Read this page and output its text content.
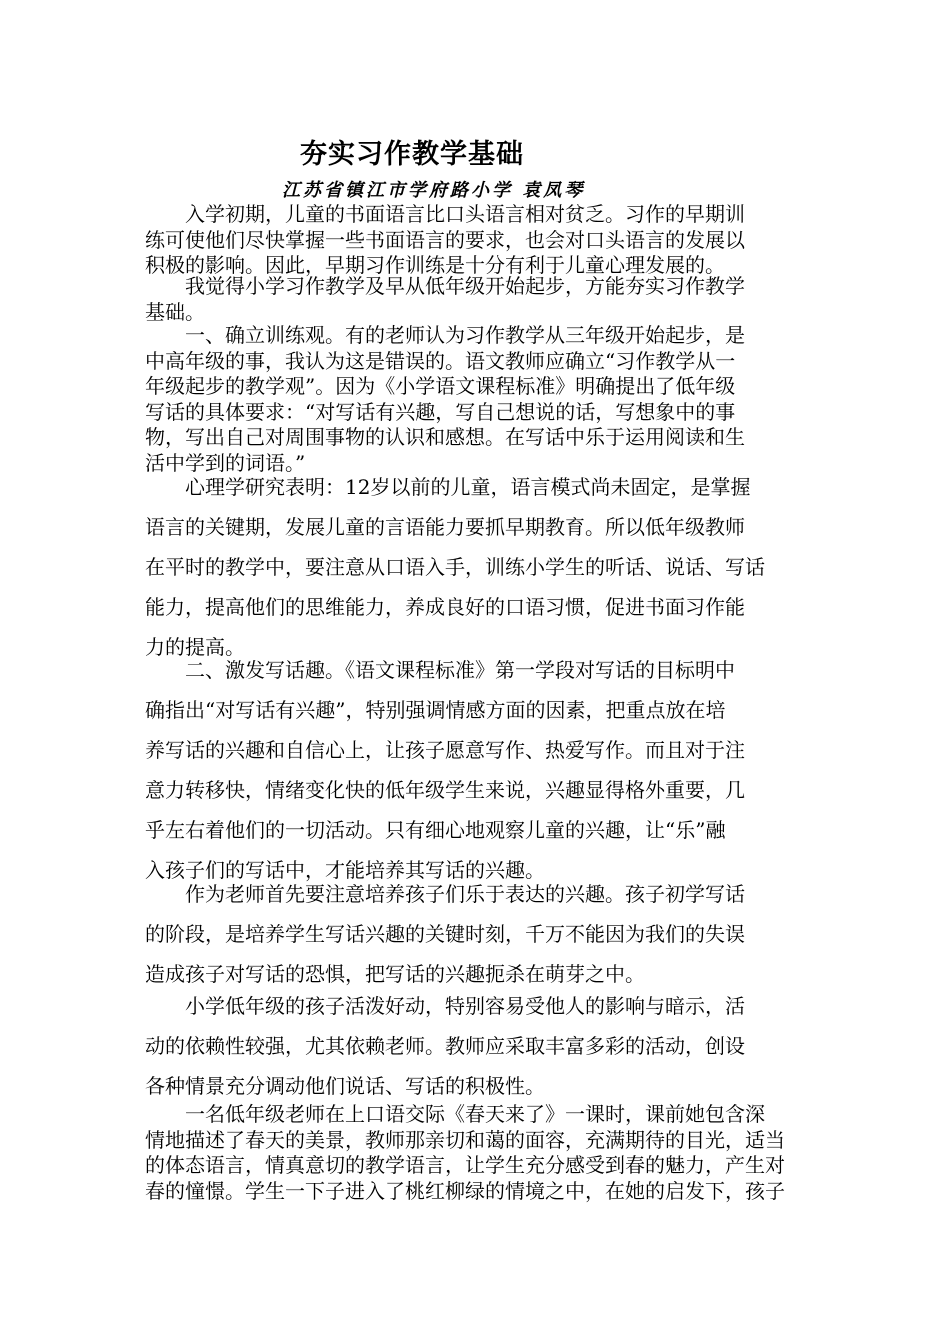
夯实习作教学基础
江苏省镇江市学府路小学 袁凤琴
　　入学初期，儿童的书面语言比口头语言相对贫乏。习作的早期训
练可使他们尽快掌握一些书面语言的要求，也会对口头语言的发展以
积极的影响。因此，早期习作训练是十分有利于儿童心理发展的。
　　我觉得小学习作教学及早从低年级开始起步，方能夯实习作教学
基础。
　　一、确立训练观。有的老师认为习作教学从三年级开始起步，是
中高年级的事，我认为这是错误的。语文教师应确立“习作教学从一
年级起步的教学观”。因为《小学语文课程标准》明确提出了低年级
写话的具体要求：“对写话有兴趣，写自己想说的话，写想象中的事
物，写出自己对周围事物的认识和感想。在写话中乐于运用阅读和生
活中学到的词语。”
　　心理学研究表明：12岁以前的儿童，语言模式尚未固定，是掌握
语言的关键期，发展儿童的言语能力要抓早期教育。所以低年级教师
在平时的教学中，要注意从口语入手，训练小学生的听话、说话、写话
能力，提高他们的思维能力，养成良好的口语习惯，促进书面习作能
力的提高。
　　二、激发写话趣。《语文课程标准》第一学段对写话的目标明中
确指出“对写话有兴趣”，特别强调情感方面的因素，把重点放在培
养写话的兴趣和自信心上，让孩子愿意写作、热爱写作。而且对于注
意力转移快，情绪变化快的低年级学生来说，兴趣显得格外重要，几
乎左右着他们的一切活动。只有细心地观察儿童的兴趣，让“乐”融
入孩子们的写话中，才能培养其写话的兴趣。
　　作为老师首先要注意培养孩子们乐于表达的兴趣。孩子初学写话
的阶段，是培养学生写话兴趣的关键时刻，千万不能因为我们的失误
造成孩子对写话的恐惧，把写话的兴趣扼杀在萌芽之中。
　　小学低年级的孩子活泼好动，特别容易受他人的影响与暗示，活
动的依赖性较强，尤其依赖老师。教师应采取丰富多彩的活动，创设
各种情景充分调动他们说话、写话的积极性。
　　一名低年级老师在上口语交际《春天来了》一课时，课前她包含深
情地描述了春天的美景，教师那亲切和蔼的面容，充满期待的目光，适当
的体态语言，情真意切的教学语言，让学生充分感受到春的魅力，产生对
春的憧憬。学生一下子进入了桃红柳绿的情境之中，在她的启发下，孩子
